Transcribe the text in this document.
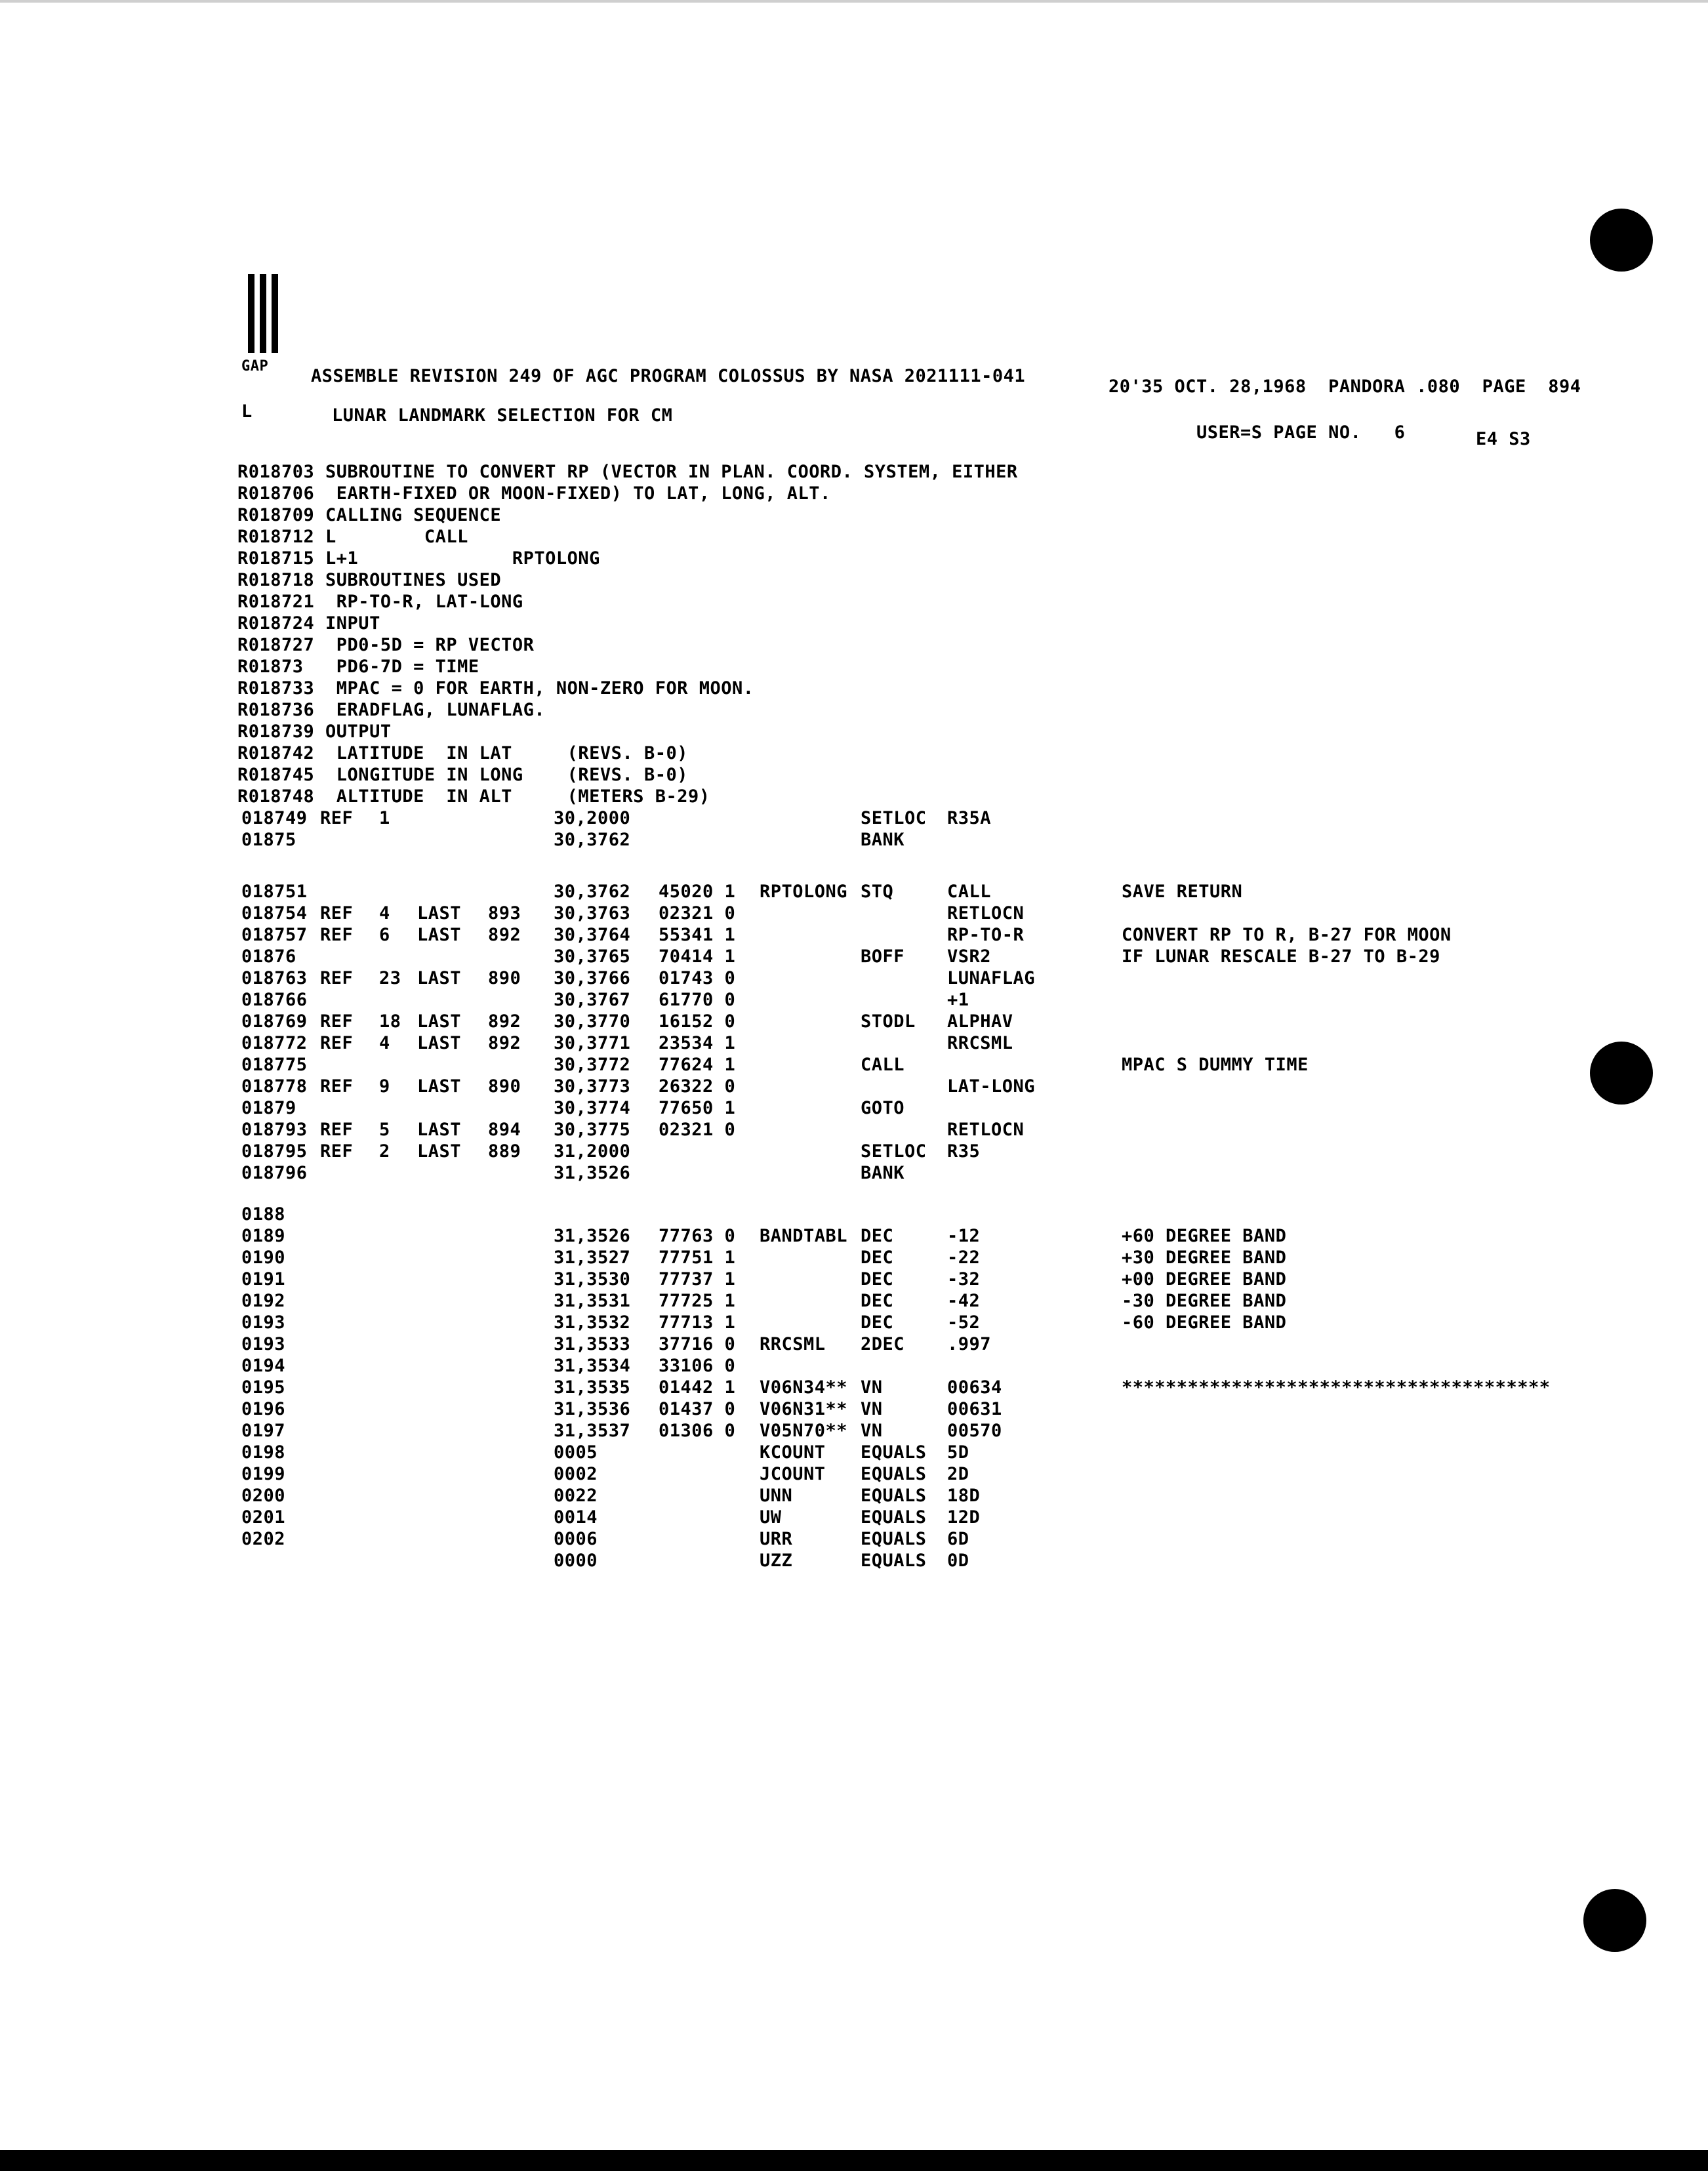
GAP ASSEMBLE REVISION 249 OF AGC PROGRAM COLOSSUS BY NASA 2021111-041
20'35 OCT. 28,1968  PANDORA .080  PAGE  894
L	LUNAR LANDMARK SELECTION FOR CM
USER=S PAGE NO.   6	E4 S3
R018703 SUBROUTINE TO CONVERT RP (VECTOR IN PLAN. COORD. SYSTEM, EITHER
R018706  EARTH-FIXED OR MOON-FIXED) TO LAT, LONG, ALT.
R018709 CALLING SEQUENCE
R018712 L        CALL
R018715 L+1              RPTOLONG
R018718 SUBROUTINES USED
R018721  RP-TO-R, LAT-LONG
R018724 INPUT
R018727  PD0-5D = RP VECTOR
R01873   PD6-7D = TIME
R018733  MPAC = 0 FOR EARTH, NON-ZERO FOR MOON.
R018736  ERADFLAG, LUNAFLAG.
R018739 OUTPUT
R018742  LATITUDE  IN LAT     (REVS. B-0)
R018745  LONGITUDE IN LONG    (REVS. B-0)
R018748  ALTITUDE  IN ALT     (METERS B-29)
018749 REF 1	30,2000	SETLOC R35A
01875	30,3762	BANK
018751	30,3762 45020 1 RPTOLONG STQ	CALL	SAVE RETURN
018754 REF 4 LAST 893 30,3763 02321 0	RETLOCN
018757 REF 6 LAST 892 30,3764 55341 1	RP-TO-R	CONVERT RP TO R, B-27 FOR MOON
01876	30,3765 70414 1	BOFF VSR2	IF LUNAR RESCALE B-27 TO B-29
018763 REF 23 LAST 890 30,3766 01743 0	LUNAFLAG
018766	30,3767 61770 0	+1
018769 REF 18 LAST 892 30,3770 16152 0	STODL ALPHAV
018772 REF 4 LAST 892 30,3771 23534 1	RRCSML
018775	30,3772 77624 1	CALL	MPAC S DUMMY TIME
018778 REF 9 LAST 890 30,3773 26322 0	LAT-LONG
01879	30,3774 77650 1	GOTO
018793 REF 5 LAST 894 30,3775 02321 0	RETLOCN
018795 REF 2 LAST 889 31,2000	SETLOC R35
018796	31,3526	BANK
0188
0189	31,3526 77763 0 BANDTABL DEC	-12	+60 DEGREE BAND
0190	31,3527 77751 1	DEC	-22	+30 DEGREE BAND
0191	31,3530 77737 1	DEC	-32	+00 DEGREE BAND
0192	31,3531 77725 1	DEC	-42	-30 DEGREE BAND
0193	31,3532 77713 1	DEC	-52	-60 DEGREE BAND
0193	31,3533 37716 0 RRCSML 2DEC .997
0194	31,3534 33106 0
0195	31,3535 01442 1 V06N34** VN	00634	***************************************
0196	31,3536 01437 0 V06N31** VN	00631
0197	31,3537 01306 0 V05N70** VN	00570
0198	0005	KCOUNT EQUALS 5D
0199	0002	JCOUNT EQUALS 2D
0200	0022	UNN	EQUALS 18D
0201	0014	UW	EQUALS 12D
0202	0006	URR	EQUALS 6D
0000	UZZ	EQUALS 0D
